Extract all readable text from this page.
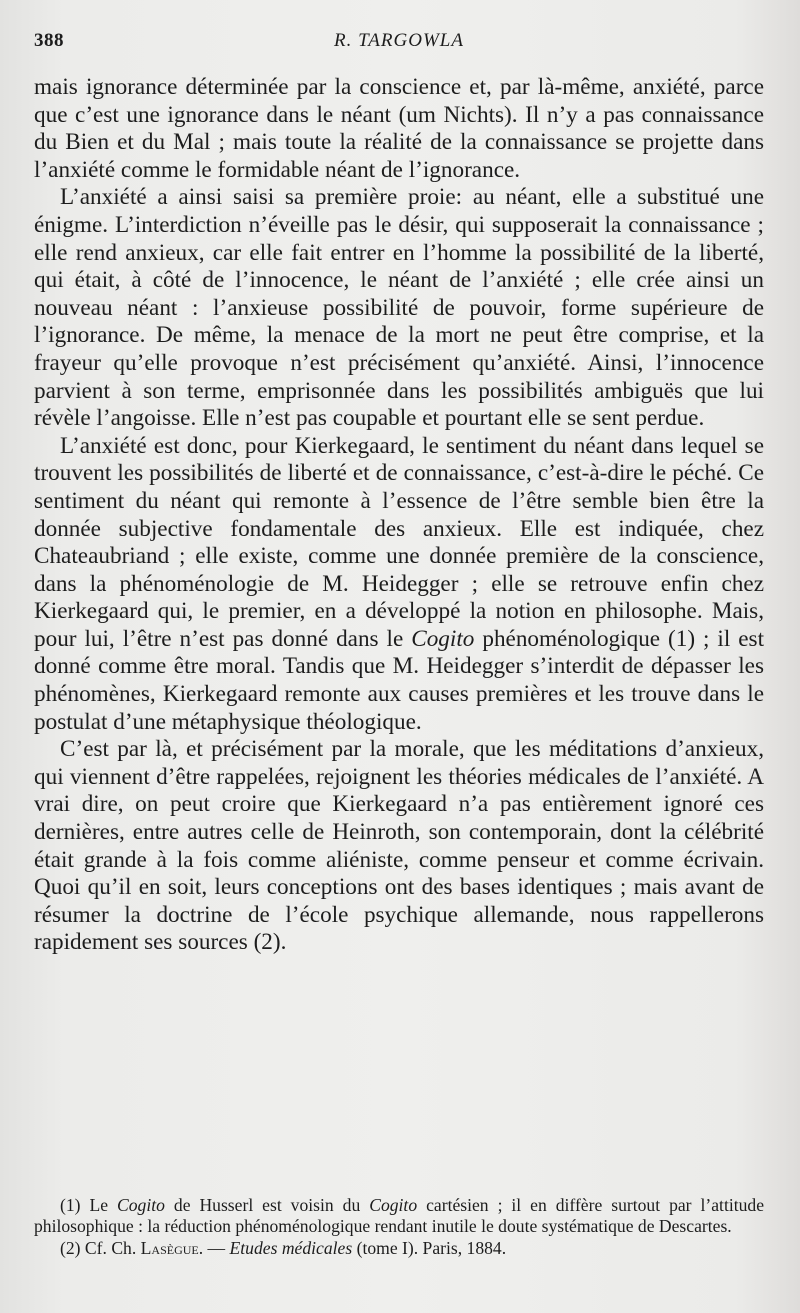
388	R. TARGOWLA

mais ignorance déterminée par la conscience et, par là-même, anxiété, parce que c’est une ignorance dans le néant (um Nichts). Il n’y a pas connaissance du Bien et du Mal ; mais toute la réalité de la connaissance se projette dans l’anxiété comme le formidable néant de l’ignorance.

L’anxiété a ainsi saisi sa première proie: au néant, elle a substitué une énigme. L’interdiction n’éveille pas le désir, qui supposerait la connaissance ; elle rend anxieux, car elle fait entrer en l’homme la possibilité de la liberté, qui était, à côté de l’innocence, le néant de l’anxiété ; elle crée ainsi un nouveau néant : l’anxieuse possibilité de pouvoir, forme supérieure de l’ignorance. De même, la menace de la mort ne peut être comprise, et la frayeur qu’elle provoque n’est précisément qu’anxiété. Ainsi, l’innocence parvient à son terme, emprisonnée dans les possibilités ambiguës que lui révèle l’angoisse. Elle n’est pas coupable et pourtant elle se sent perdue.

L’anxiété est donc, pour Kierkegaard, le sentiment du néant dans lequel se trouvent les possibilités de liberté et de connaissance, c’est-à-dire le péché. Ce sentiment du néant qui remonte à l’essence de l’être semble bien être la donnée subjective fondamentale des anxieux. Elle est indiquée, chez Chateaubriand ; elle existe, comme une donnée première de la conscience, dans la phénoménologie de M. Heidegger ; elle se retrouve enfin chez Kierkegaard qui, le premier, en a développé la notion en philosophe. Mais, pour lui, l’être n’est pas donné dans le Cogito phénoménologique (1) ; il est donné comme être moral. Tandis que M. Heidegger s’interdit de dépasser les phénomènes, Kierkegaard remonte aux causes premières et les trouve dans le postulat d’une métaphysique théologique.

C’est par là, et précisément par la morale, que les méditations d’anxieux, qui viennent d’être rappelées, rejoignent les théories médicales de l’anxiété. A vrai dire, on peut croire que Kierkegaard n’a pas entièrement ignoré ces dernières, entre autres celle de Heinroth, son contemporain, dont la célébrité était grande à la fois comme aliéniste, comme penseur et comme écrivain. Quoi qu’il en soit, leurs conceptions ont des bases identiques ; mais avant de résumer la doctrine de l’école psychique allemande, nous rappellerons rapidement ses sources (2).

(1) Le Cogito de Husserl est voisin du Cogito cartésien ; il en diffère surtout par l’attitude philosophique : la réduction phénoménologique rendant inutile le doute systématique de Descartes.

(2) Cf. Ch. Lasègue. — Etudes médicales (tome I). Paris, 1884.
